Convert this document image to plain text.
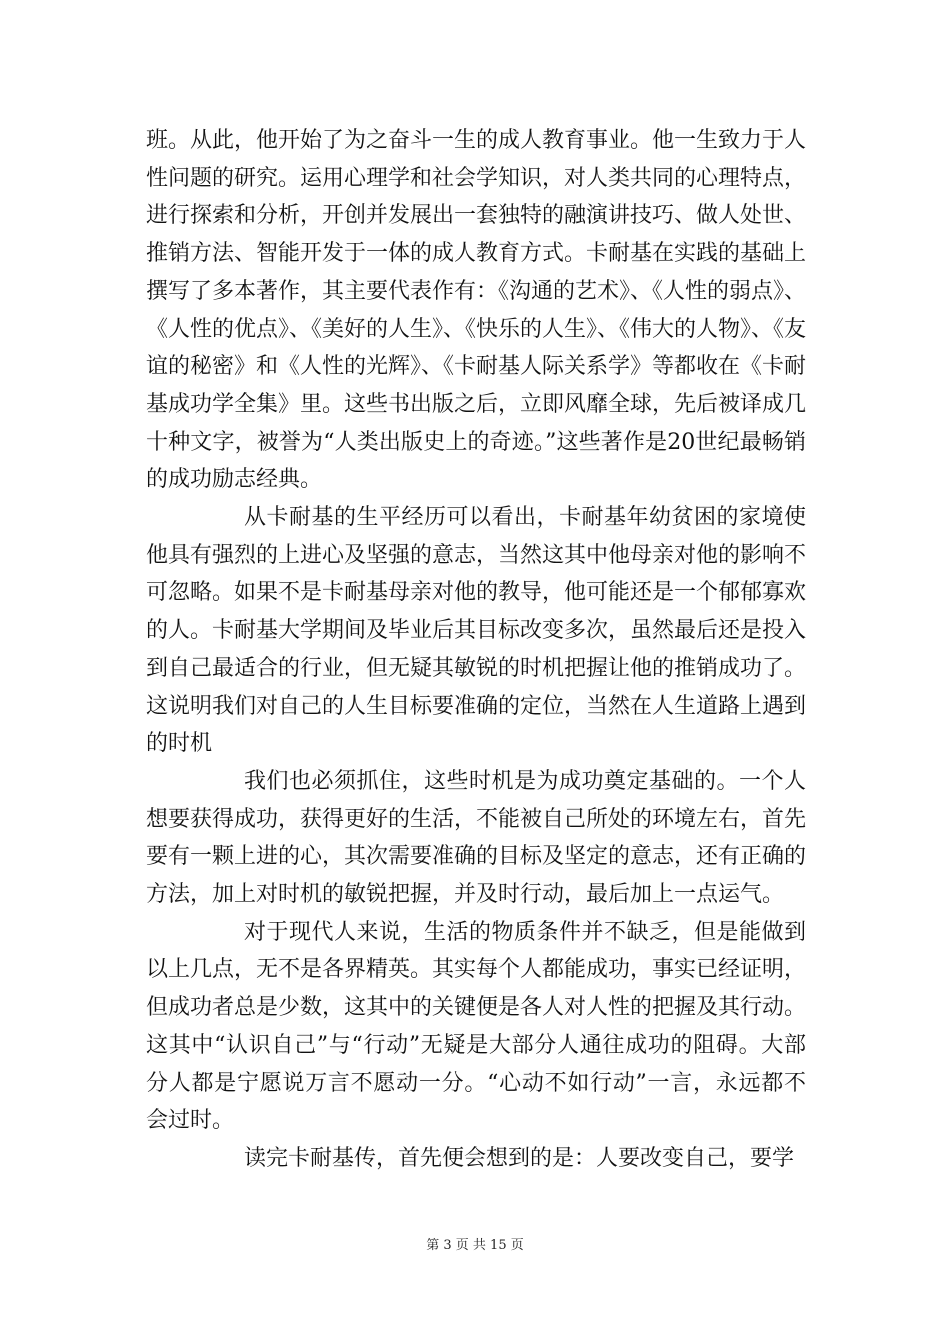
班。从此，他开始了为之奋斗一生的成人教育事业。他一生致力于人性问题的研究。运用心理学和社会学知识，对人类共同的心理特点，进行探索和分析，开创并发展出一套独特的融演讲技巧、做人处世、推销方法、智能开发于一体的成人教育方式。卡耐基在实践的基础上撰写了多本著作，其主要代表作有：《沟通的艺术》、《人性的弱点》、《人性的优点》、《美好的人生》、《快乐的人生》、《伟大的人物》、《友谊的秘密》和《人性的光辉》、《卡耐基人际关系学》等都收在《卡耐基成功学全集》里。这些书出版之后，立即风靡全球，先后被译成几十种文字，被誉为“人类出版史上的奇迹。”这些著作是20世纪最畅销的成功励志经典。

从卡耐基的生平经历可以看出，卡耐基年幼贫困的家境使他具有强烈的上进心及坚强的意志，当然这其中他母亲对他的影响不可忽略。如果不是卡耐基母亲对他的教导，他可能还是一个郁郁寡欢的人。卡耐基大学期间及毕业后其目标改变多次，虽然最后还是投入到自己最适合的行业，但无疑其敏锐的时机把握让他的推销成功了。这说明我们对自己的人生目标要准确的定位，当然在人生道路上遇到的时机

我们也必须抓住，这些时机是为成功奠定基础的。一个人想要获得成功，获得更好的生活，不能被自己所处的环境左右，首先要有一颗上进的心，其次需要准确的目标及坚定的意志，还有正确的方法，加上对时机的敏锐把握，并及时行动，最后加上一点运气。

对于现代人来说，生活的物质条件并不缺乏，但是能做到以上几点，无不是各界精英。其实每个人都能成功，事实已经证明，但成功者总是少数，这其中的关键便是各人对人性的把握及其行动。这其中“认识自己”与“行动”无疑是大部分人通往成功的阻碍。大部分人都是宁愿说万言不愿动一分。“心动不如行动”一言，永远都不会过时。

读完卡耐基传，首先便会想到的是：人要改变自己，要学

第 3 页 共 15 页
